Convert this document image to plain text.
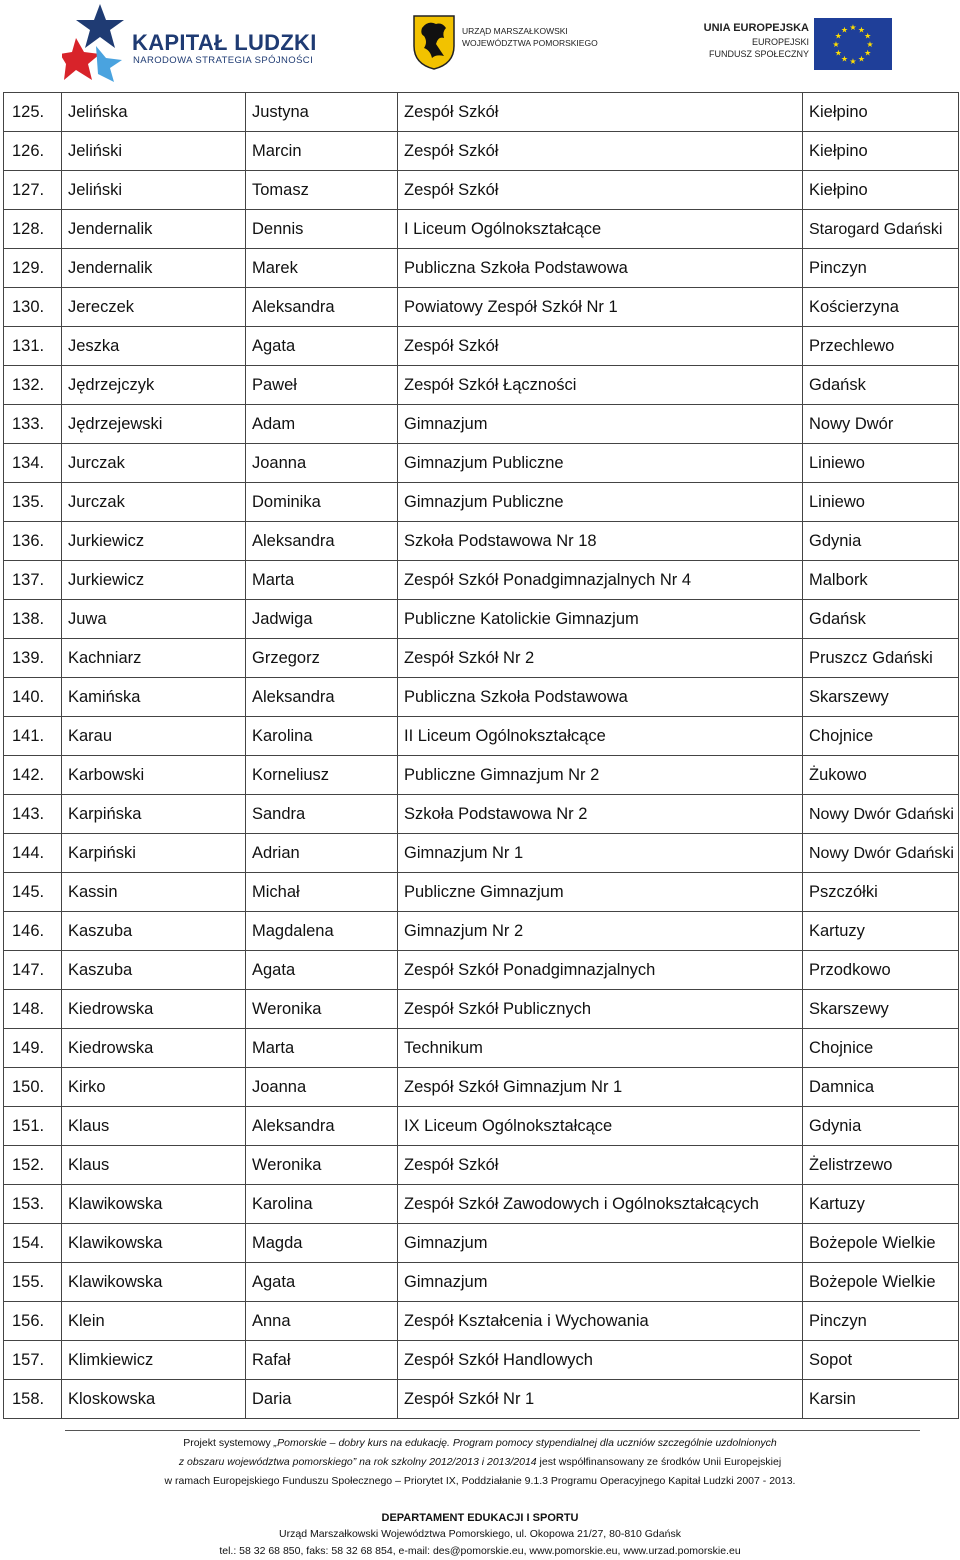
KAPITAŁ LUDZKI
NARODOWA STRATEGIA SPÓJNOŚCI
URZĄD MARSZAŁKOWSKI
WOJEWÓDZTWA POMORSKIEGO
UNIA EUROPEJSKA
EUROPEJSKI
FUNDUSZ SPOŁECZNY
★
★
★
★
★
★
★
★
★ ★ ★
★
125.	Jelińska	Justyna	Zespół Szkół	Kiełpino
126.	Jeliński	Marcin	Zespół Szkół	Kiełpino
127.	Jeliński	Tomasz	Zespół Szkół	Kiełpino
128.	Jendernalik	Dennis	I Liceum Ogólnokształcące	Starogard Gdański
129.	Jendernalik	Marek	Publiczna Szkoła Podstawowa	Pinczyn
130.	Jereczek	Aleksandra	Powiatowy Zespół Szkół Nr 1	Kościerzyna
131.	Jeszka	Agata	Zespół Szkół	Przechlewo
132.	Jędrzejczyk	Paweł	Zespół Szkół Łączności	Gdańsk
133.	Jędrzejewski	Adam	Gimnazjum	Nowy Dwór
134.	Jurczak	Joanna	Gimnazjum Publiczne	Liniewo
135.	Jurczak	Dominika	Gimnazjum Publiczne	Liniewo
136.	Jurkiewicz	Aleksandra	Szkoła Podstawowa Nr 18	Gdynia
137.	Jurkiewicz	Marta	Zespół Szkół Ponadgimnazjalnych Nr 4	Malbork
138.	Juwa	Jadwiga	Publiczne Katolickie Gimnazjum	Gdańsk
139.	Kachniarz	Grzegorz	Zespół Szkół Nr 2	Pruszcz Gdański
140.	Kamińska	Aleksandra	Publiczna Szkoła Podstawowa	Skarszewy
141.	Karau	Karolina	II Liceum Ogólnokształcące	Chojnice
142.	Karbowski	Korneliusz	Publiczne Gimnazjum Nr 2	Żukowo
143.	Karpińska	Sandra	Szkoła Podstawowa Nr 2	Nowy Dwór Gdański
144.	Karpiński	Adrian	Gimnazjum Nr 1	Nowy Dwór Gdański
145.	Kassin	Michał	Publiczne Gimnazjum	Pszczółki
146.	Kaszuba	Magdalena	Gimnazjum Nr 2	Kartuzy
147.	Kaszuba	Agata	Zespół Szkół Ponadgimnazjalnych	Przodkowo
148.	Kiedrowska	Weronika	Zespół Szkół Publicznych	Skarszewy
149.	Kiedrowska	Marta	Technikum	Chojnice
150.	Kirko	Joanna	Zespół Szkół Gimnazjum Nr 1	Damnica
151.	Klaus	Aleksandra	IX Liceum Ogólnokształcące	Gdynia
152.	Klaus	Weronika	Zespół Szkół	Żelistrzewo
153.	Klawikowska	Karolina	Zespół Szkół Zawodowych i Ogólnokształcących	Kartuzy
154.	Klawikowska	Magda	Gimnazjum	Bożepole Wielkie
155.	Klawikowska	Agata	Gimnazjum	Bożepole Wielkie
156.	Klein	Anna	Zespół Kształcenia i Wychowania	Pinczyn
157.	Klimkiewicz	Rafał	Zespół Szkół Handlowych	Sopot
158.	Kloskowska	Daria	Zespół Szkół Nr 1	Karsin
Projekt systemowy „Pomorskie – dobry kurs na edukację. Program pomocy stypendialnej dla uczniów szczególnie uzdolnionych
z obszaru województwa pomorskiego” na rok szkolny 2012/2013 i 2013/2014 jest współfinansowany ze środków Unii Europejskiej
w ramach Europejskiego Funduszu Społecznego – Priorytet IX, Poddziałanie 9.1.3 Programu Operacyjnego Kapitał Ludzki 2007 - 2013.
DEPARTAMENT EDUKACJI I SPORTU
Urząd Marszałkowski Województwa Pomorskiego, ul. Okopowa 21/27, 80-810 Gdańsk
tel.: 58 32 68 850, faks: 58 32 68 854, e-mail: des@pomorskie.eu, www.pomorskie.eu, www.urzad.pomorskie.eu
